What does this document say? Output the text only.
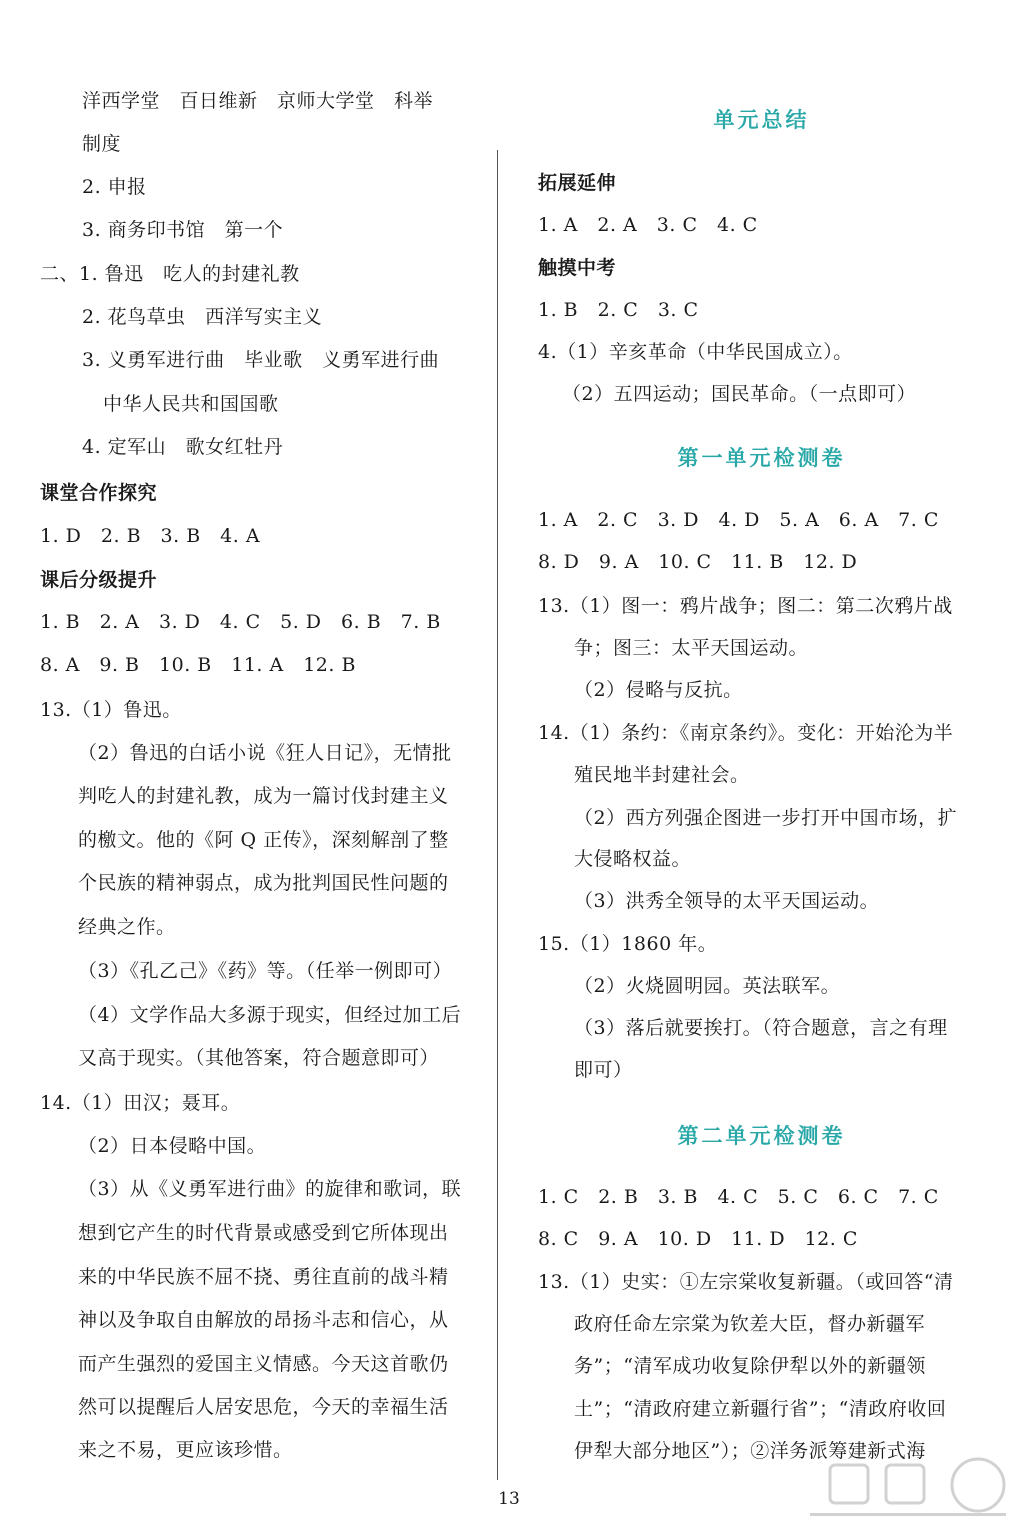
洋西学堂　百日维新　京师大学堂　科举
制度
2. 申报
3. 商务印书馆　第一个
二、1. 鲁迅　吃人的封建礼教
2. 花鸟草虫　西洋写实主义
3. 义勇军进行曲　毕业歌　义勇军进行曲
中华人民共和国国歌
4. 定军山　歌女红牡丹
课堂合作探究
1. D　2. B　3. B　4. A
课后分级提升
1. B　2. A　3. D　4. C　5. D　6. B　7. B
8. A　9. B　10. B　11. A　12. B
13.（1）鲁迅。
（2）鲁迅的白话小说《狂人日记》，无情批
判吃人的封建礼教，成为一篇讨伐封建主义
的檄文。他的《阿 Q 正传》，深刻解剖了整
个民族的精神弱点，成为批判国民性问题的
经典之作。
（3）《孔乙己》《药》等。（任举一例即可）
（4）文学作品大多源于现实，但经过加工后
又高于现实。（其他答案，符合题意即可）
14.（1）田汉；聂耳。
（2）日本侵略中国。
（3）从《义勇军进行曲》的旋律和歌词，联
想到它产生的时代背景或感受到它所体现出
来的中华民族不屈不挠、勇往直前的战斗精
神以及争取自由解放的昂扬斗志和信心，从
而产生强烈的爱国主义情感。今天这首歌仍
然可以提醒后人居安思危，今天的幸福生活
来之不易，更应该珍惜。
单元总结
拓展延伸
1. A　2. A　3. C　4. C
触摸中考
1. B　2. C　3. C
4.（1）辛亥革命（中华民国成立）。
（2）五四运动；国民革命。（一点即可）
第一单元检测卷
1. A　2. C　3. D　4. D　5. A　6. A　7. C
8. D　9. A　10. C　11. B　12. D
13.（1）图一：鸦片战争；图二：第二次鸦片战
争；图三：太平天国运动。
（2）侵略与反抗。
14.（1）条约：《南京条约》。变化：开始沦为半
殖民地半封建社会。
（2）西方列强企图进一步打开中国市场，扩
大侵略权益。
（3）洪秀全领导的太平天国运动。
15.（1）1860 年。
（2）火烧圆明园。英法联军。
（3）落后就要挨打。（符合题意，言之有理
即可）
第二单元检测卷
1. C　2. B　3. B　4. C　5. C　6. C　7. C
8. C　9. A　10. D　11. D　12. C
13.（1）史实：①左宗棠收复新疆。（或回答“清
政府任命左宗棠为钦差大臣，督办新疆军
务”；“清军成功收复除伊犁以外的新疆领
土”；“清政府建立新疆行省”；“清政府收回
伊犁大部分地区”）；②洋务派筹建新式海
13
